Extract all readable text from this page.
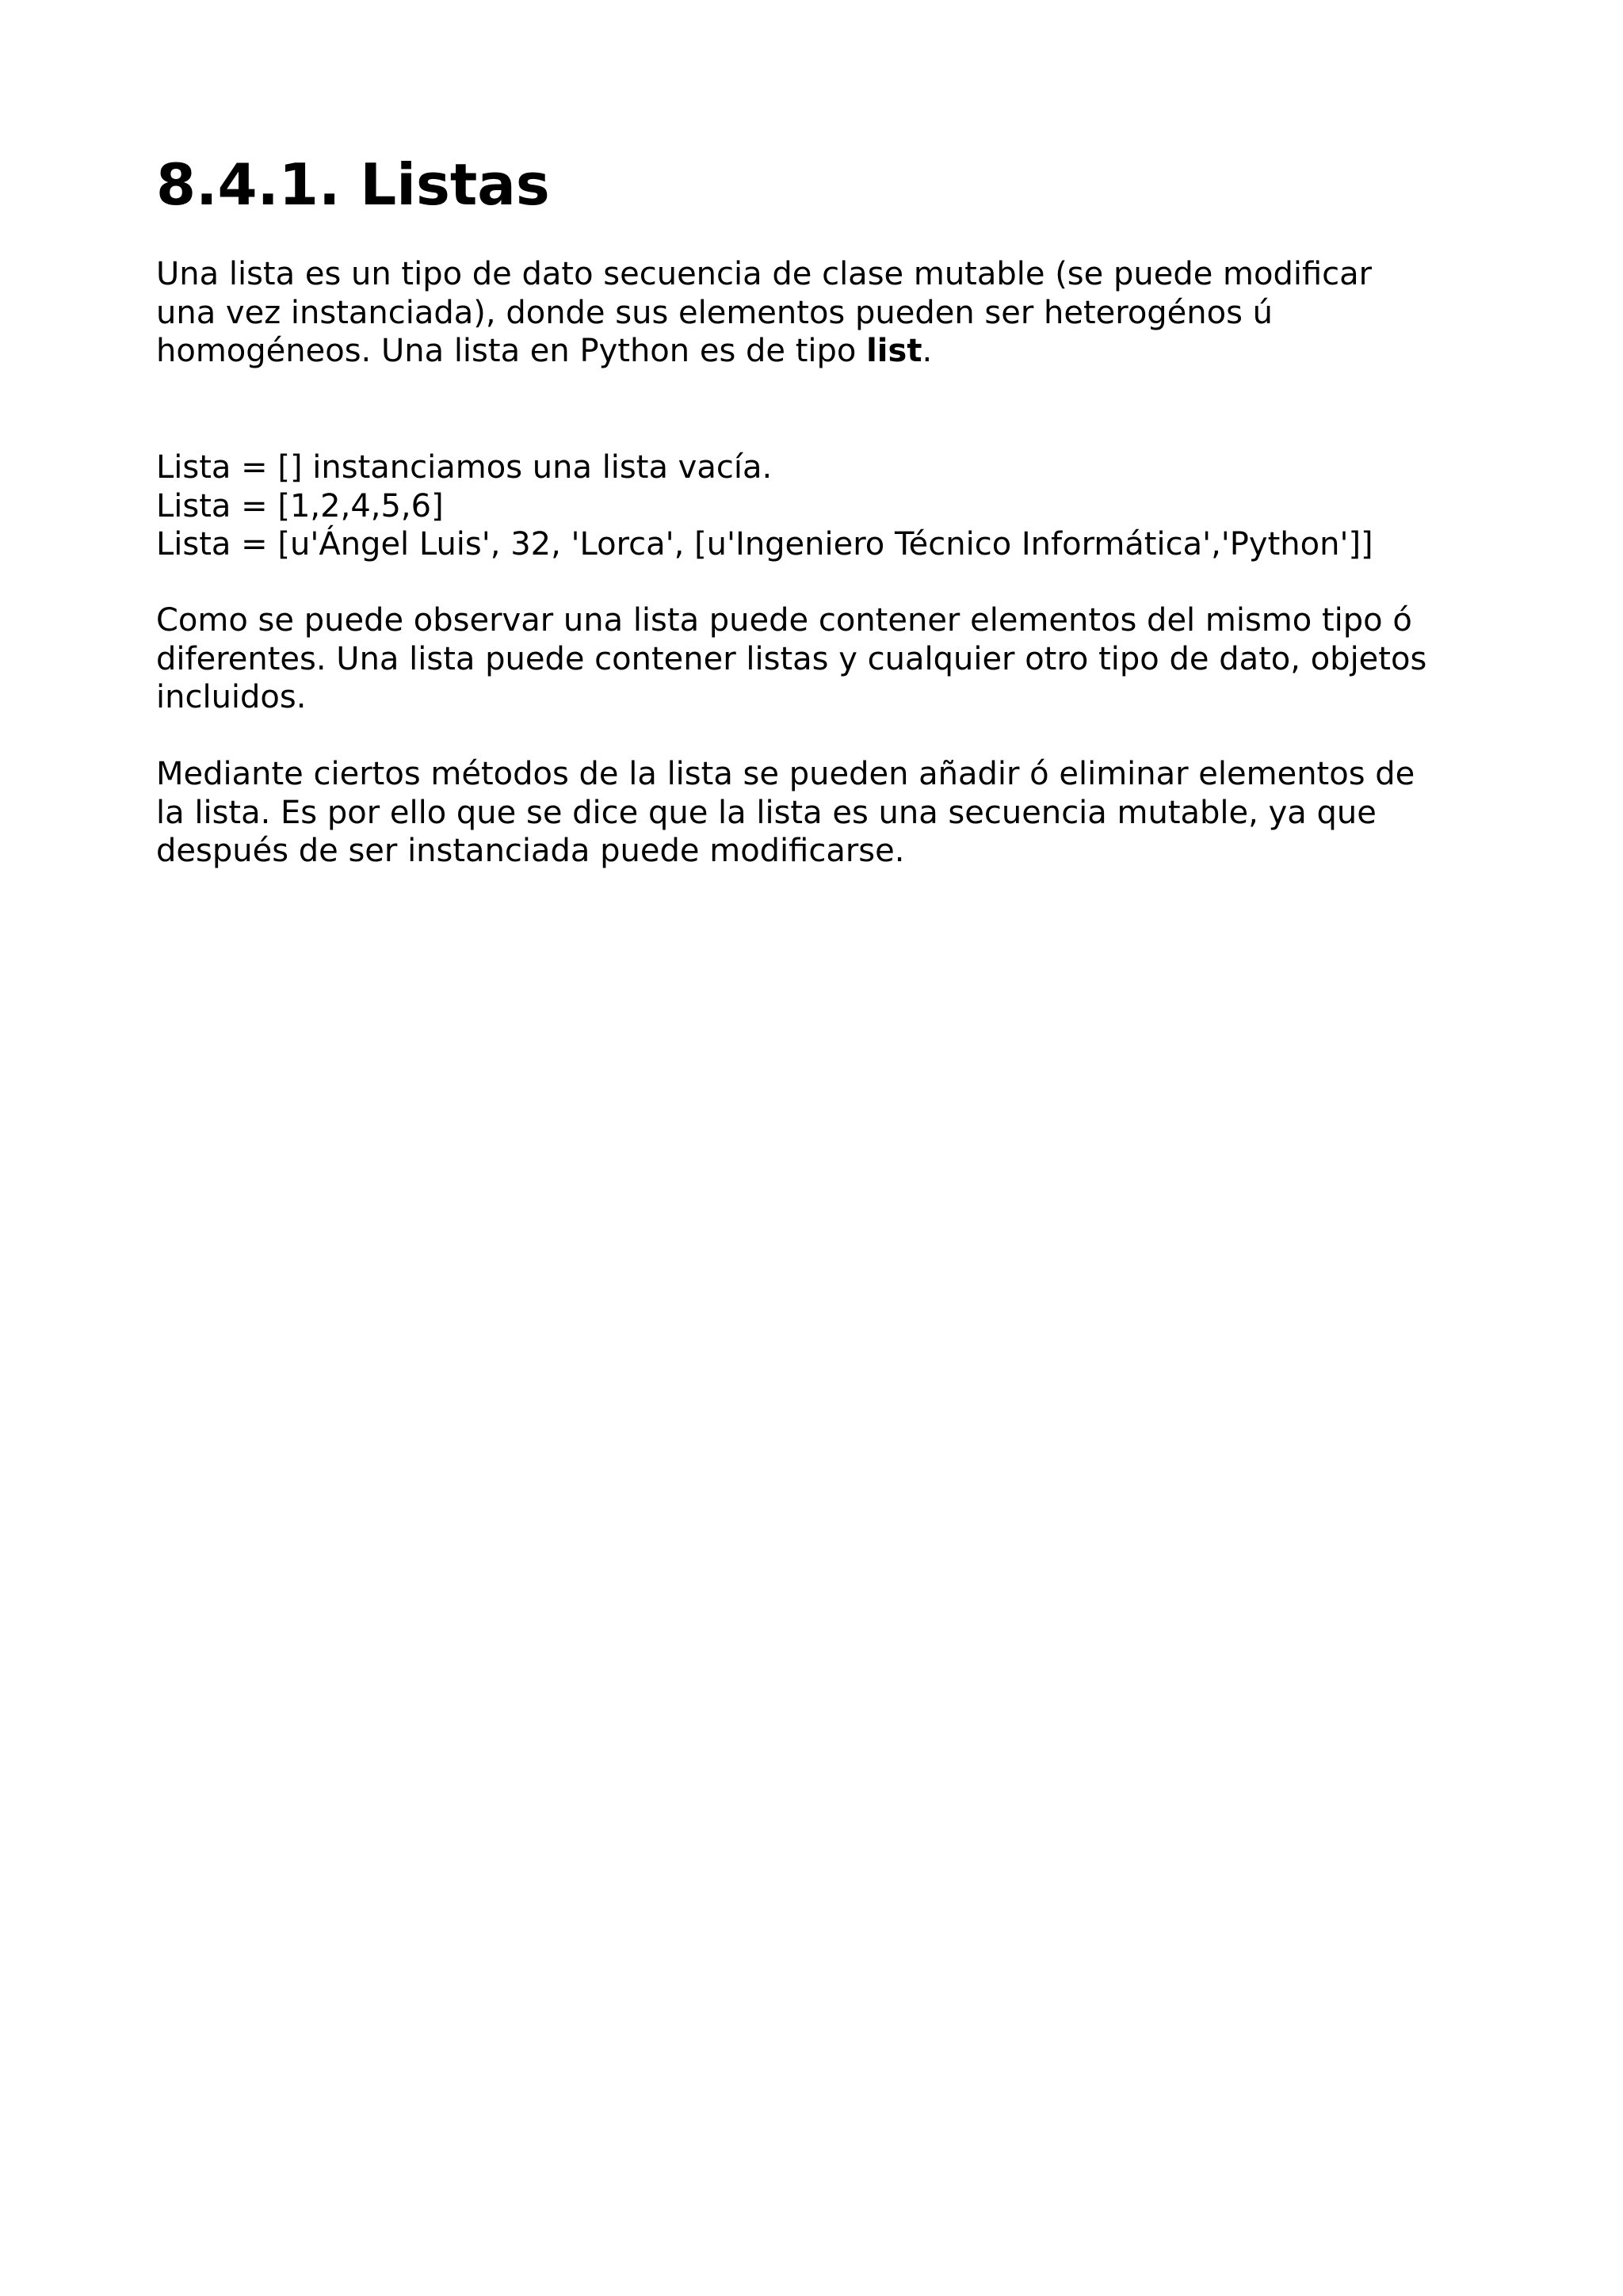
8.4.1. Listas

Una lista es un tipo de dato secuencia de clase mutable (se puede modificar
una vez instanciada), donde sus elementos pueden ser heterogénos ú
homogéneos. Una lista en Python es de tipo list.

Lista = [] instanciamos una lista vacía.
Lista = [1,2,4,5,6]
Lista = [u'Ángel Luis', 32, 'Lorca', [u'Ingeniero Técnico Informática','Python']]

Como se puede observar una lista puede contener elementos del mismo tipo ó
diferentes. Una lista puede contener listas y cualquier otro tipo de dato, objetos
incluidos.

Mediante ciertos métodos de la lista se pueden añadir ó eliminar elementos de
la lista. Es por ello que se dice que la lista es una secuencia mutable, ya que
después de ser instanciada puede modificarse.
